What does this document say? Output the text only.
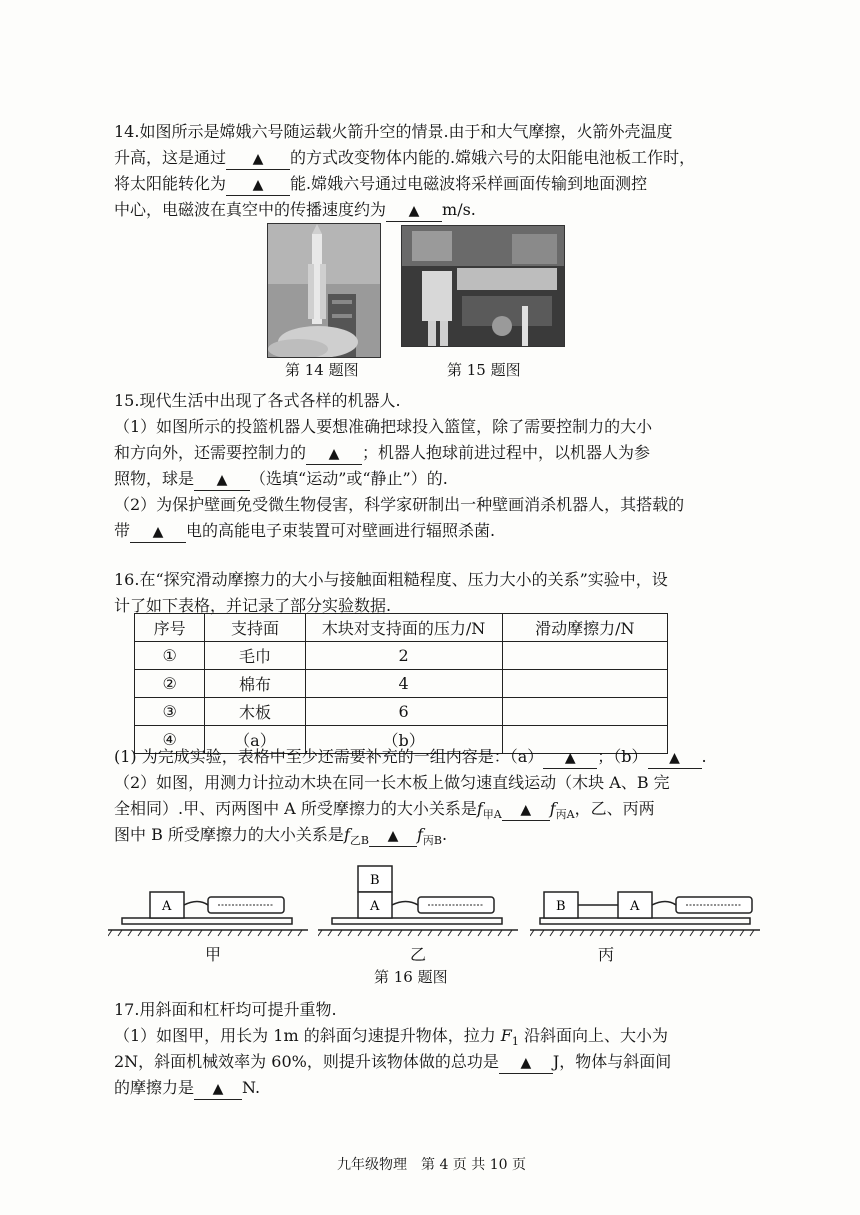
14.如图所示是嫦娥六号随运载火箭升空的情景.由于和大气摩擦，火箭外壳温度
升高，这是通过 ▲ 的方式改变物体内能的.嫦娥六号的太阳能电池板工作时，
将太阳能转化为 ▲ 能.嫦娥六号通过电磁波将采样画面传输到地面测控
中心，电磁波在真空中的传播速度约为 ▲ m/s.
第 14 题图	第 15 题图
15.现代生活中出现了各式各样的机器人.
（1）如图所示的投篮机器人要想准确把球投入篮筐，除了需要控制力的大小
和方向外，还需要控制力的 ▲ ；机器人抱球前进过程中，以机器人为参
照物，球是 ▲ （选填“运动”或“静止”）的.
（2）为保护壁画免受微生物侵害，科学家研制出一种壁画消杀机器人，其搭载的
带 ▲ 电的高能电子束装置可对壁画进行辐照杀菌.
16.在“探究滑动摩擦力的大小与接触面粗糙程度、压力大小的关系”实验中，设
计了如下表格，并记录了部分实验数据.
序号	支持面	木块对支持面的压力/N	滑动摩擦力/N
①	毛巾	2	
②	棉布	4	
③	木板	6	
④	（a）	（b）	
(1) 为完成实验，表格中至少还需要补充的一组内容是：（a） ▲ ；（b） ▲ .
（2）如图，用测力计拉动木块在同一长木板上做匀速直线运动（木块 A、B 完
全相同）.甲、丙两图中 A 所受摩擦力的大小关系是$f_{甲A}$ ▲ $f_{丙A}$，乙、丙两
图中 B 所受摩擦力的大小关系是$f_{乙B}$ ▲ $f_{丙B}$.
A
B
A	B	A
甲	乙	丙
第 16 题图
17.用斜面和杠杆均可提升重物.
（1）如图甲，用长为 1m 的斜面匀速提升物体，拉力 $F_1$ 沿斜面向上、大小为
2N，斜面机械效率为 60%，则提升该物体做的总功是 ▲ J，物体与斜面间
的摩擦力是 ▲ N.
九年级物理　第 4 页 共 10 页
